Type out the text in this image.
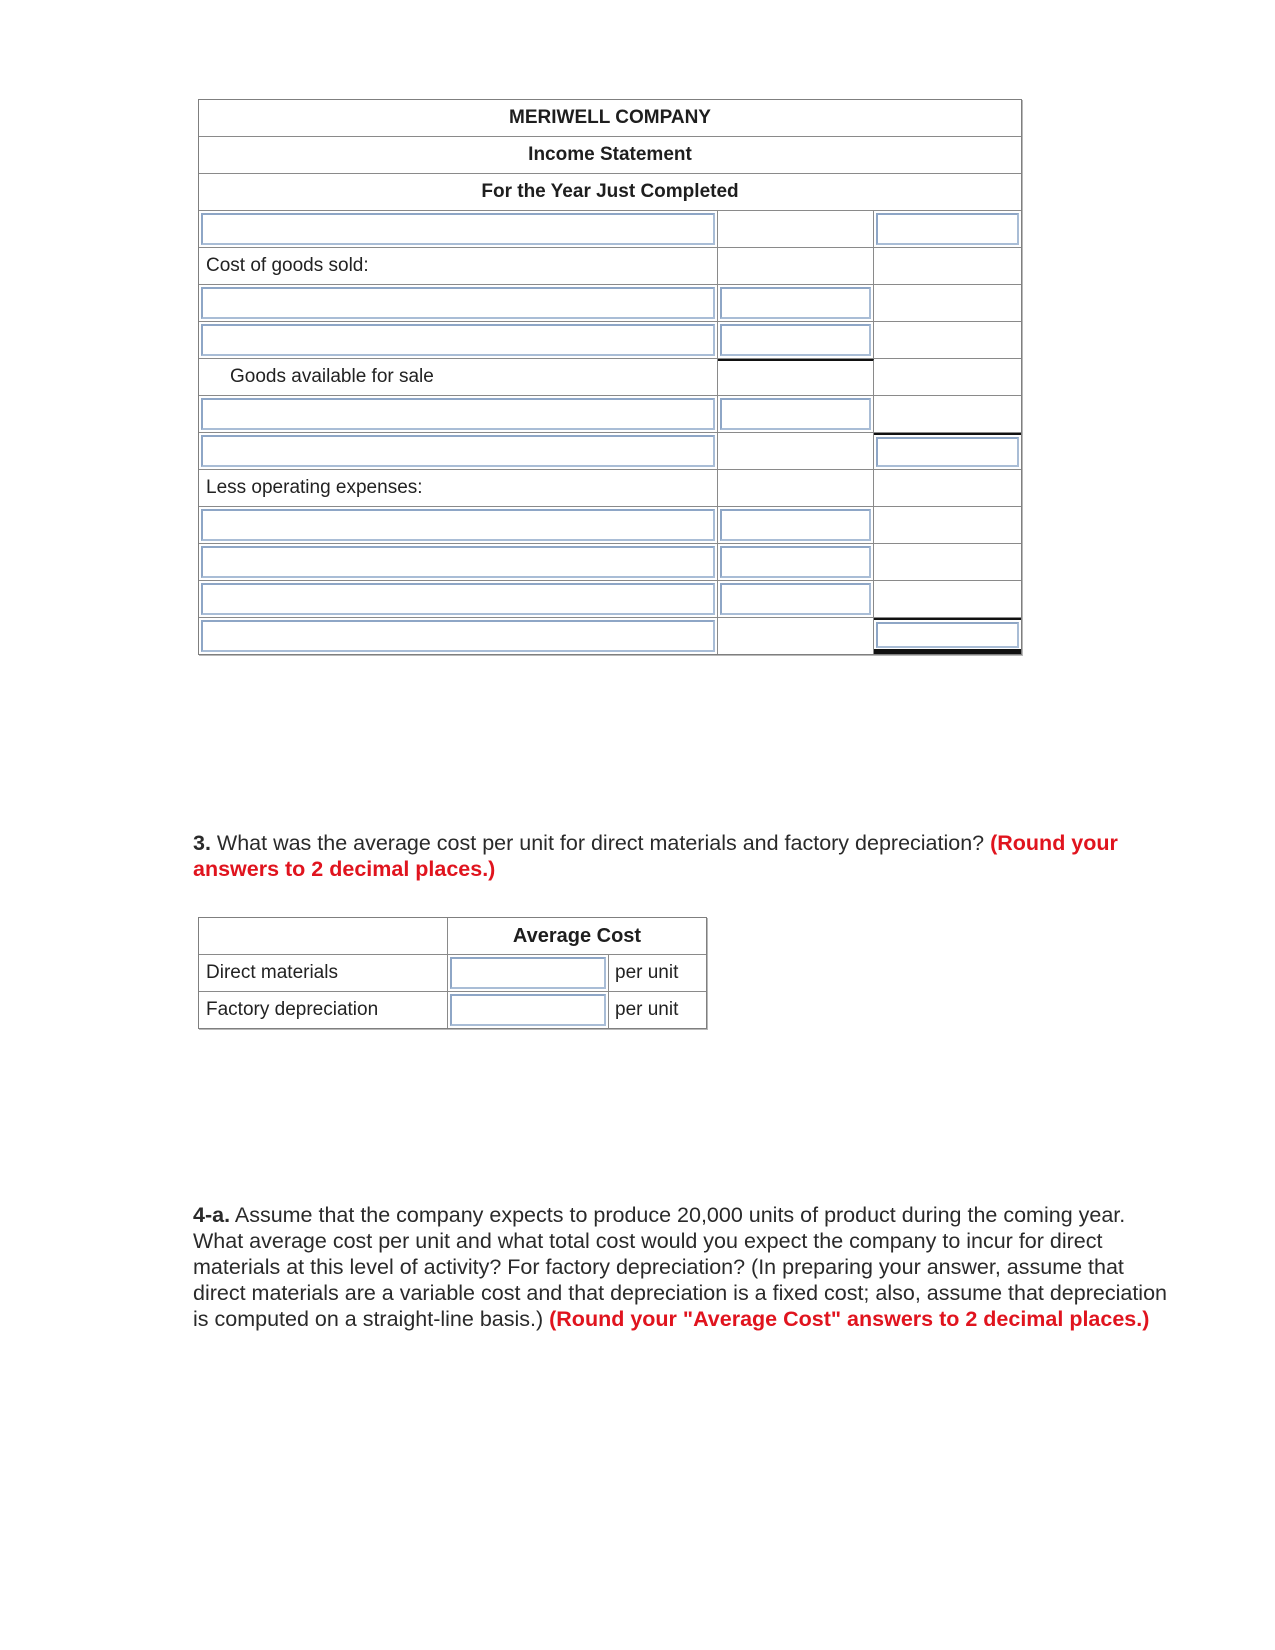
MERIWELL COMPANY
Income Statement
For the Year Just Completed
Cost of goods sold:
Goods available for sale
Less operating expenses:
3. What was the average cost per unit for direct materials and factory depreciation? (Round your answers to 2 decimal places.)
Average Cost
Direct materials	per unit
Factory depreciation	per unit
4-a. Assume that the company expects to produce 20,000 units of product during the coming year. What average cost per unit and what total cost would you expect the company to incur for direct materials at this level of activity? For factory depreciation? (In preparing your answer, assume that direct materials are a variable cost and that depreciation is a fixed cost; also, assume that depreciation is computed on a straight-line basis.) (Round your "Average Cost" answers to 2 decimal places.)
